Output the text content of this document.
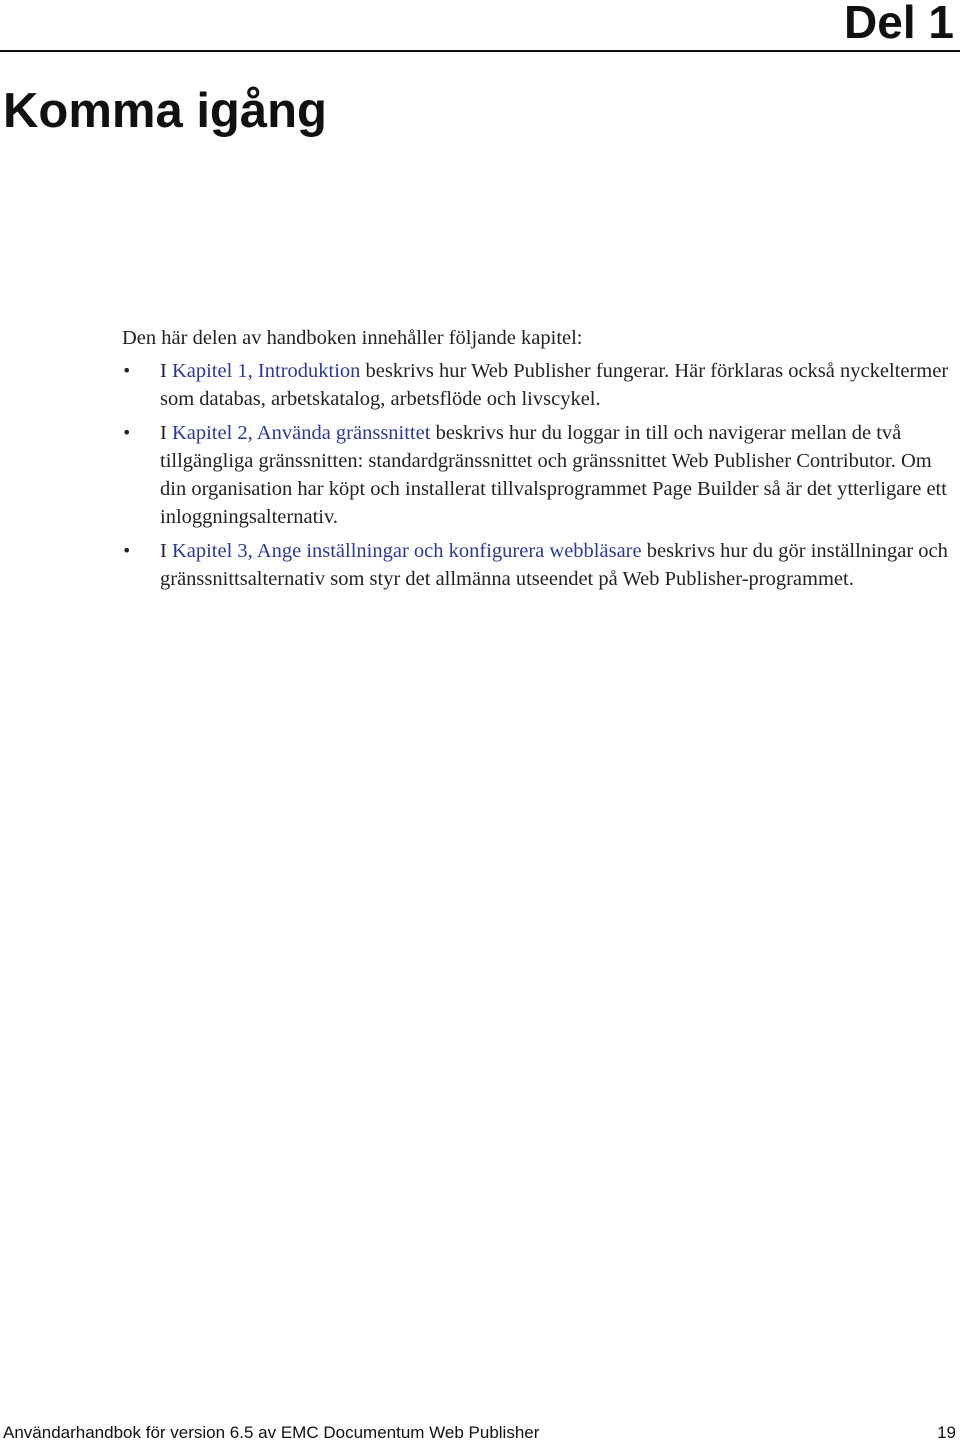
Del 1
Komma igång

Den här delen av handboken innehåller följande kapitel:

• I Kapitel 1, Introduktion beskrivs hur Web Publisher fungerar. Här förklaras också nyckeltermer som databas, arbetskatalog, arbetsflöde och livscykel.
• I Kapitel 2, Använda gränssnittet beskrivs hur du loggar in till och navigerar mellan de två tillgängliga gränssnitten: standardgränssnittet och gränssnittet Web Publisher Contributor. Om din organisation har köpt och installerat tillvalsprogrammet Page Builder så är det ytterligare ett inloggningsalternativ.
• I Kapitel 3, Ange inställningar och konfigurera webbläsare beskrivs hur du gör inställningar och gränssnittsalternativ som styr det allmänna utseendet på Web Publisher-programmet.
Användarhandbok för version 6.5 av EMC Documentum Web Publisher	19
